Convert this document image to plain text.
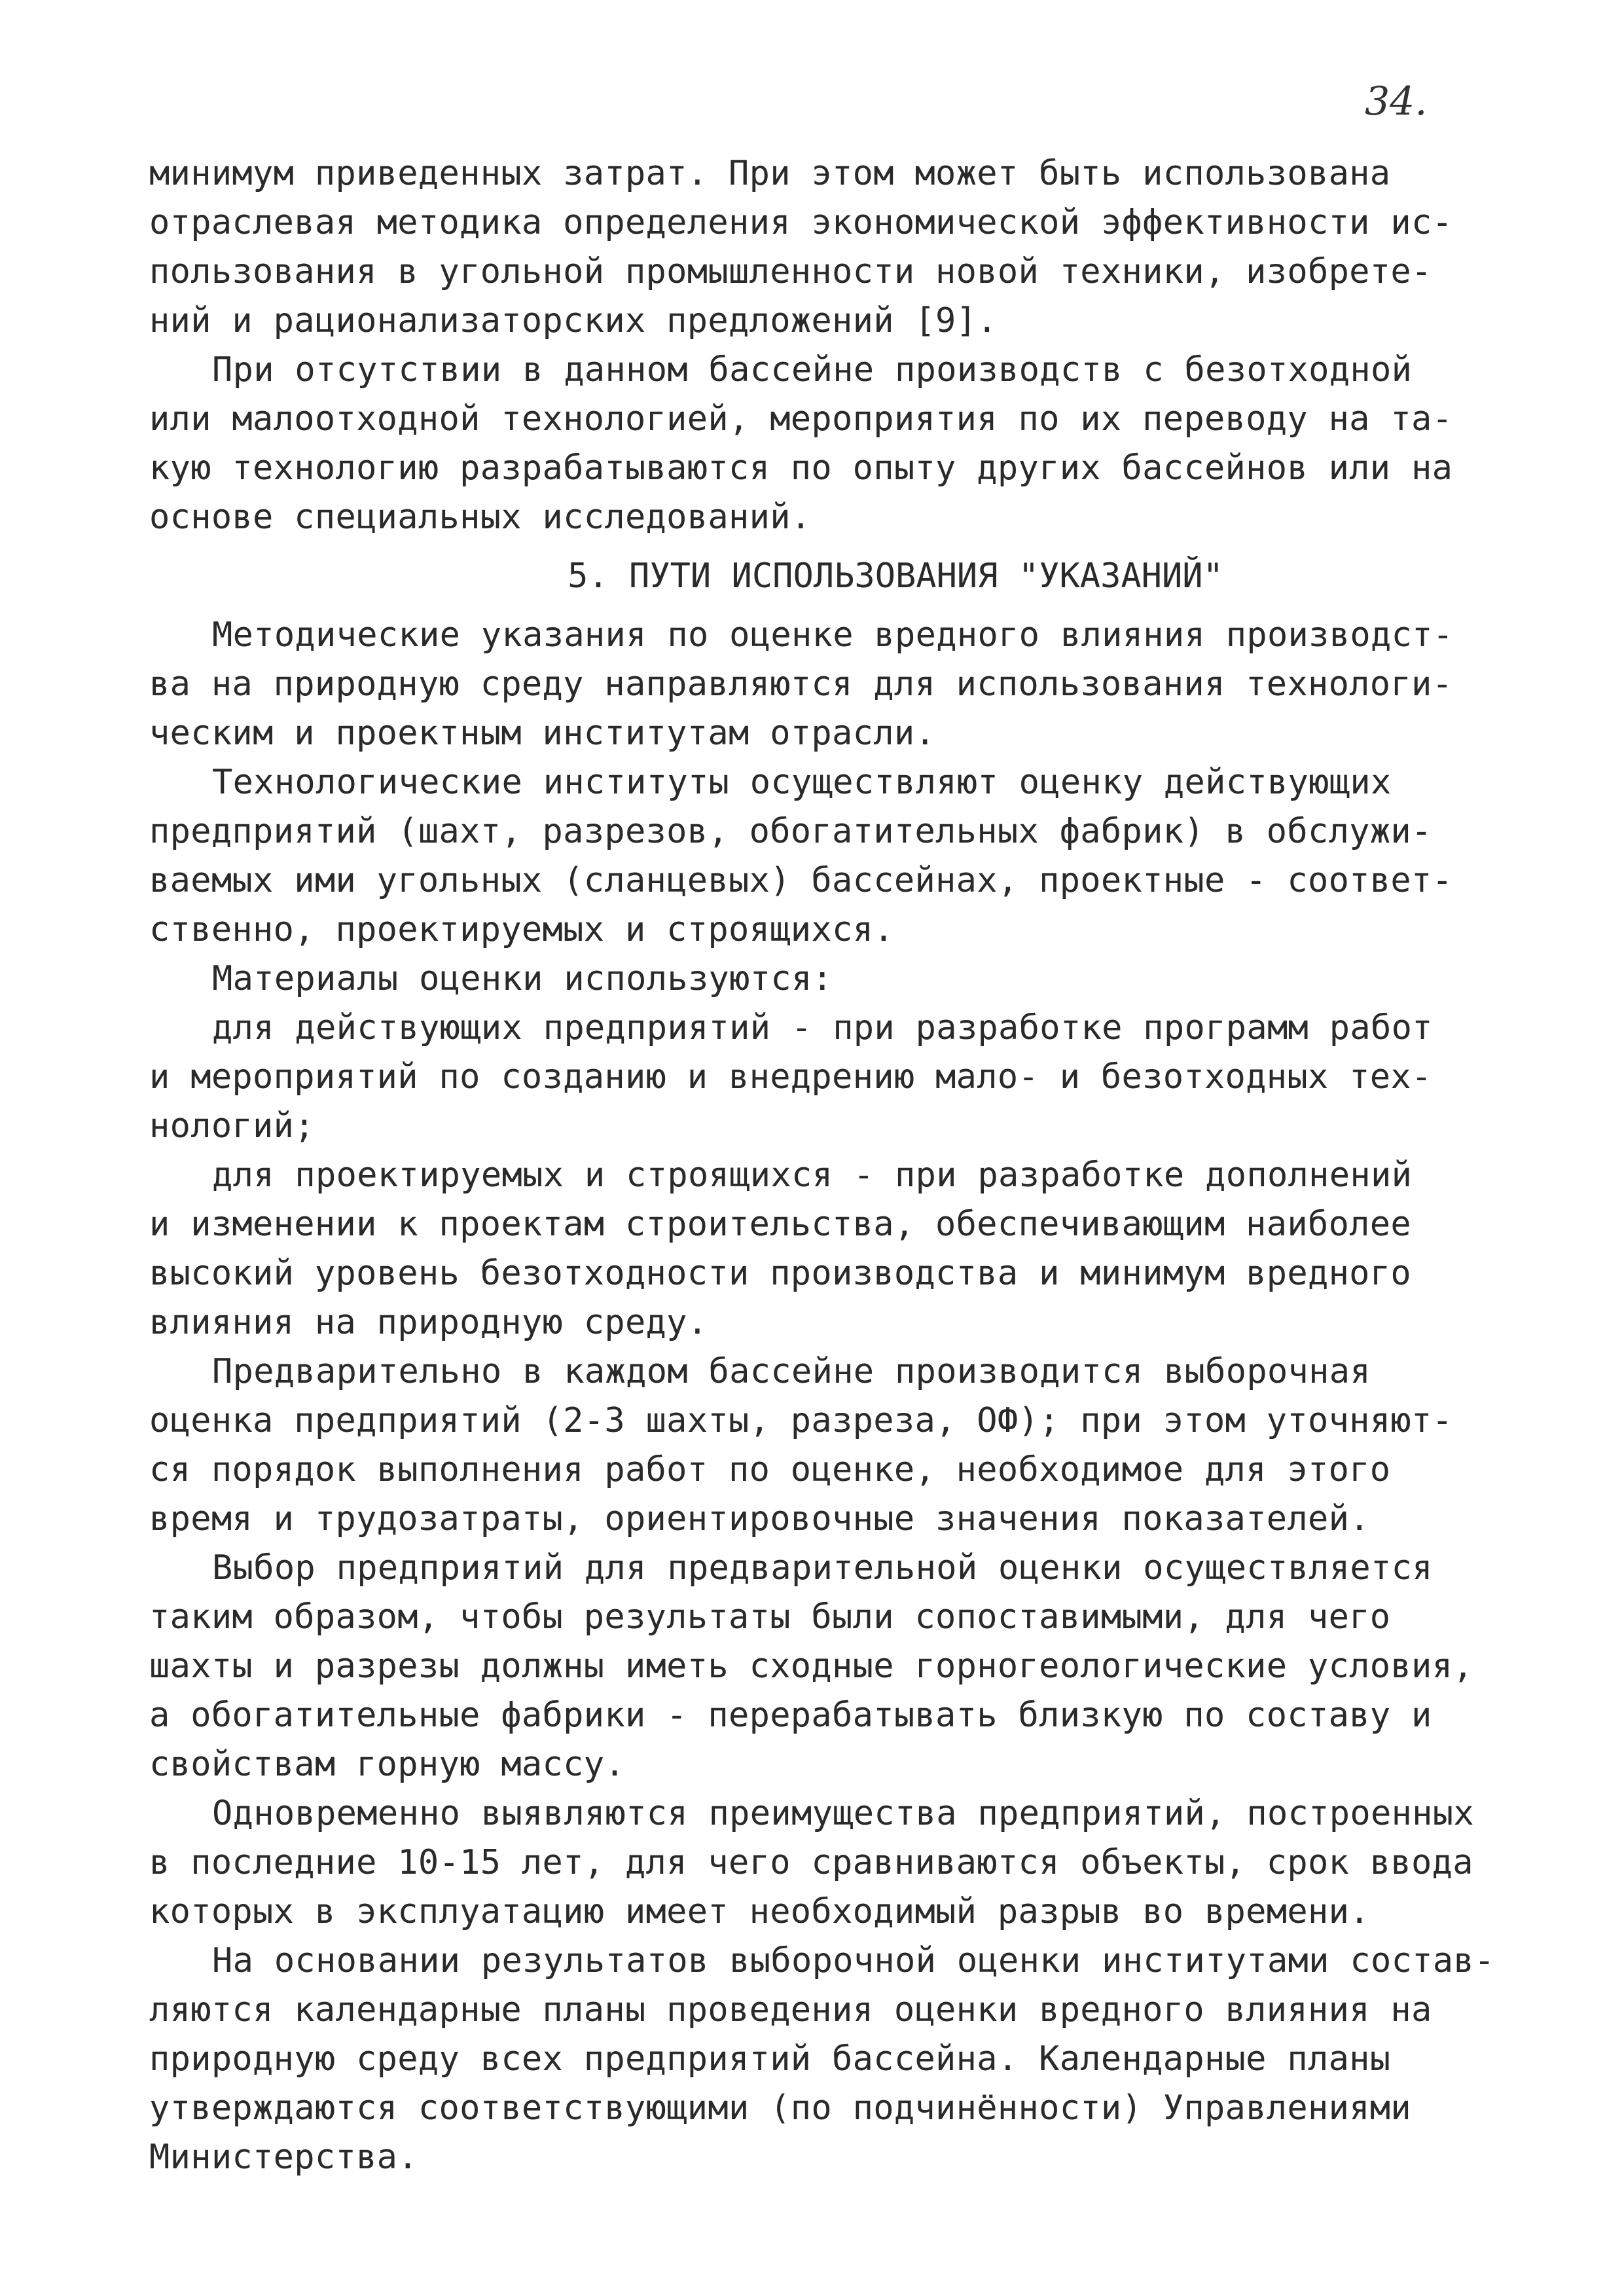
34.
минимум приведенных затрат. При этом может быть использована
отраслевая методика определения экономической эффективности ис-
пользования в угольной промышленности новой техники, изобрете-
ний и рационализаторских предложений [9].
При отсутствии в данном бассейне производств с безотходной
или малоотходной технологией, мероприятия по их переводу на та-
кую технологию разрабатываются по опыту других бассейнов или на
основе специальных исследований.
5. ПУТИ ИСПОЛЬЗОВАНИЯ "УКАЗАНИЙ"
Методические указания по оценке вредного влияния производст-
ва на природную среду направляются для использования технологи-
ческим и проектным институтам отрасли.
Технологические институты осуществляют оценку действующих
предприятий (шахт, разрезов, обогатительных фабрик) в обслужи-
ваемых ими угольных (сланцевых) бассейнах, проектные - соответ-
ственно, проектируемых и строящихся.
Материалы оценки используются:
для действующих предприятий - при разработке программ работ
и мероприятий по созданию и внедрению мало- и безотходных тех-
нологий;
для проектируемых и строящихся - при разработке дополнений
и изменении к проектам строительства, обеспечивающим наиболее
высокий уровень безотходности производства и минимум вредного
влияния на природную среду.
Предварительно в каждом бассейне производится выборочная
оценка предприятий (2-3 шахты, разреза, ОФ); при этом уточняют-
ся порядок выполнения работ по оценке, необходимое для этого
время и трудозатраты, ориентировочные значения показателей.
Выбор предприятий для предварительной оценки осуществляется
таким образом, чтобы результаты были сопоставимыми, для чего
шахты и разрезы должны иметь сходные горногеологические условия,
а обогатительные фабрики - перерабатывать близкую по составу и
свойствам горную массу.
Одновременно выявляются преимущества предприятий, построенных
в последние 10-15 лет, для чего сравниваются объекты, срок ввода
которых в эксплуатацию имеет необходимый разрыв во времени.
На основании результатов выборочной оценки институтами состав-
ляются календарные планы проведения оценки вредного влияния на
природную среду всех предприятий бассейна. Календарные планы
утверждаются соответствующими (по подчинённости) Управлениями
Министерства.
